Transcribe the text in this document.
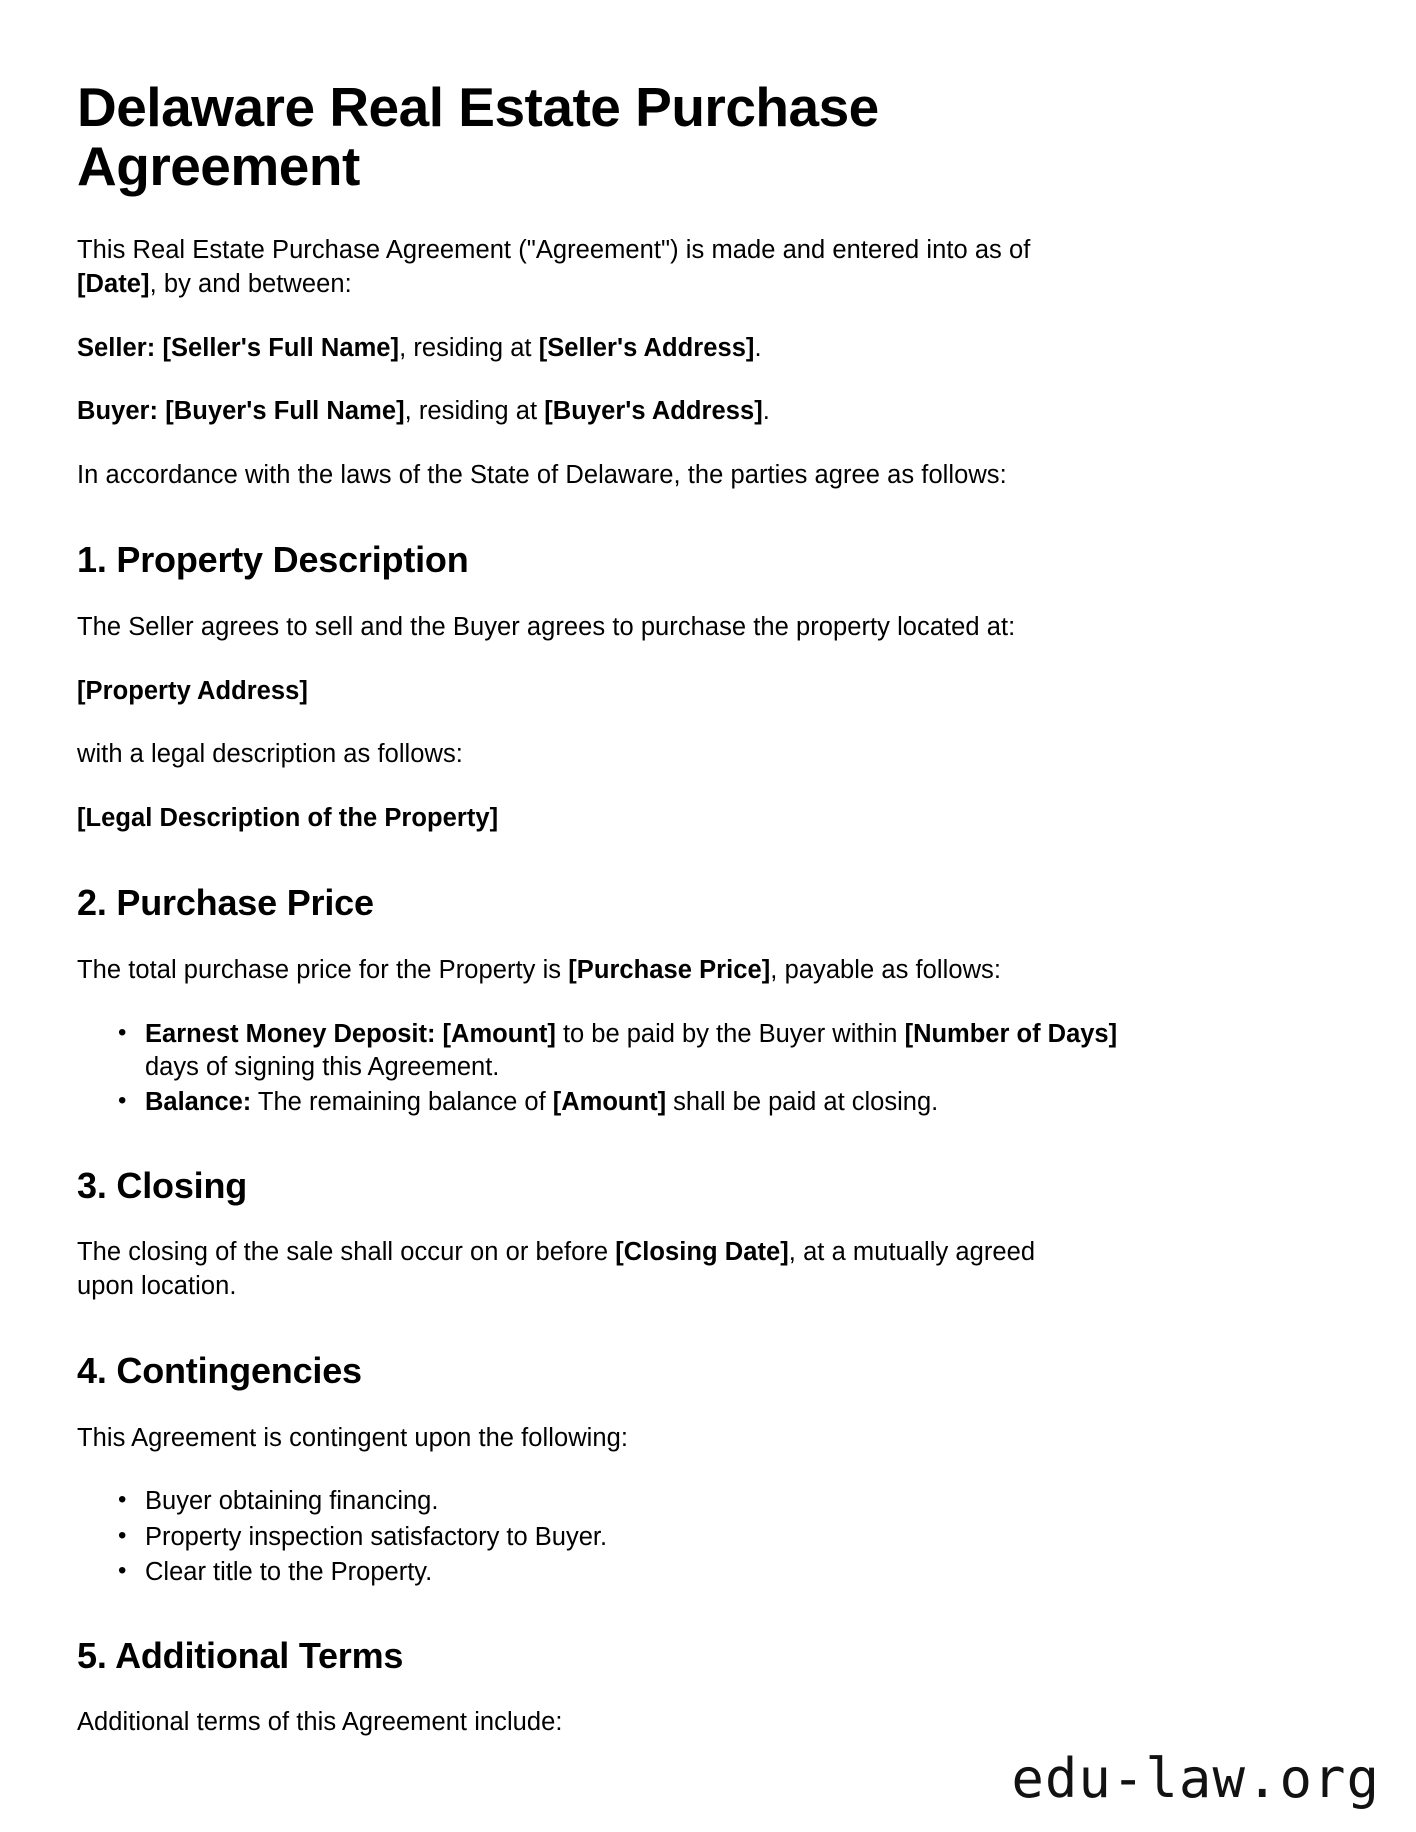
Delaware Real Estate Purchase Agreement

This Real Estate Purchase Agreement ("Agreement") is made and entered into as of [Date], by and between:

Seller: [Seller's Full Name], residing at [Seller's Address].

Buyer: [Buyer's Full Name], residing at [Buyer's Address].

In accordance with the laws of the State of Delaware, the parties agree as follows:

1. Property Description

The Seller agrees to sell and the Buyer agrees to purchase the property located at:

[Property Address]

with a legal description as follows:

[Legal Description of the Property]

2. Purchase Price

The total purchase price for the Property is [Purchase Price], payable as follows:

• Earnest Money Deposit: [Amount] to be paid by the Buyer within [Number of Days] days of signing this Agreement.
• Balance: The remaining balance of [Amount] shall be paid at closing.
3. Closing

The closing of the sale shall occur on or before [Closing Date], at a mutually agreed upon location.

4. Contingencies

This Agreement is contingent upon the following:

• Buyer obtaining financing.
• Property inspection satisfactory to Buyer.
• Clear title to the Property.
5. Additional Terms

Additional terms of this Agreement include:

edu-law.org
